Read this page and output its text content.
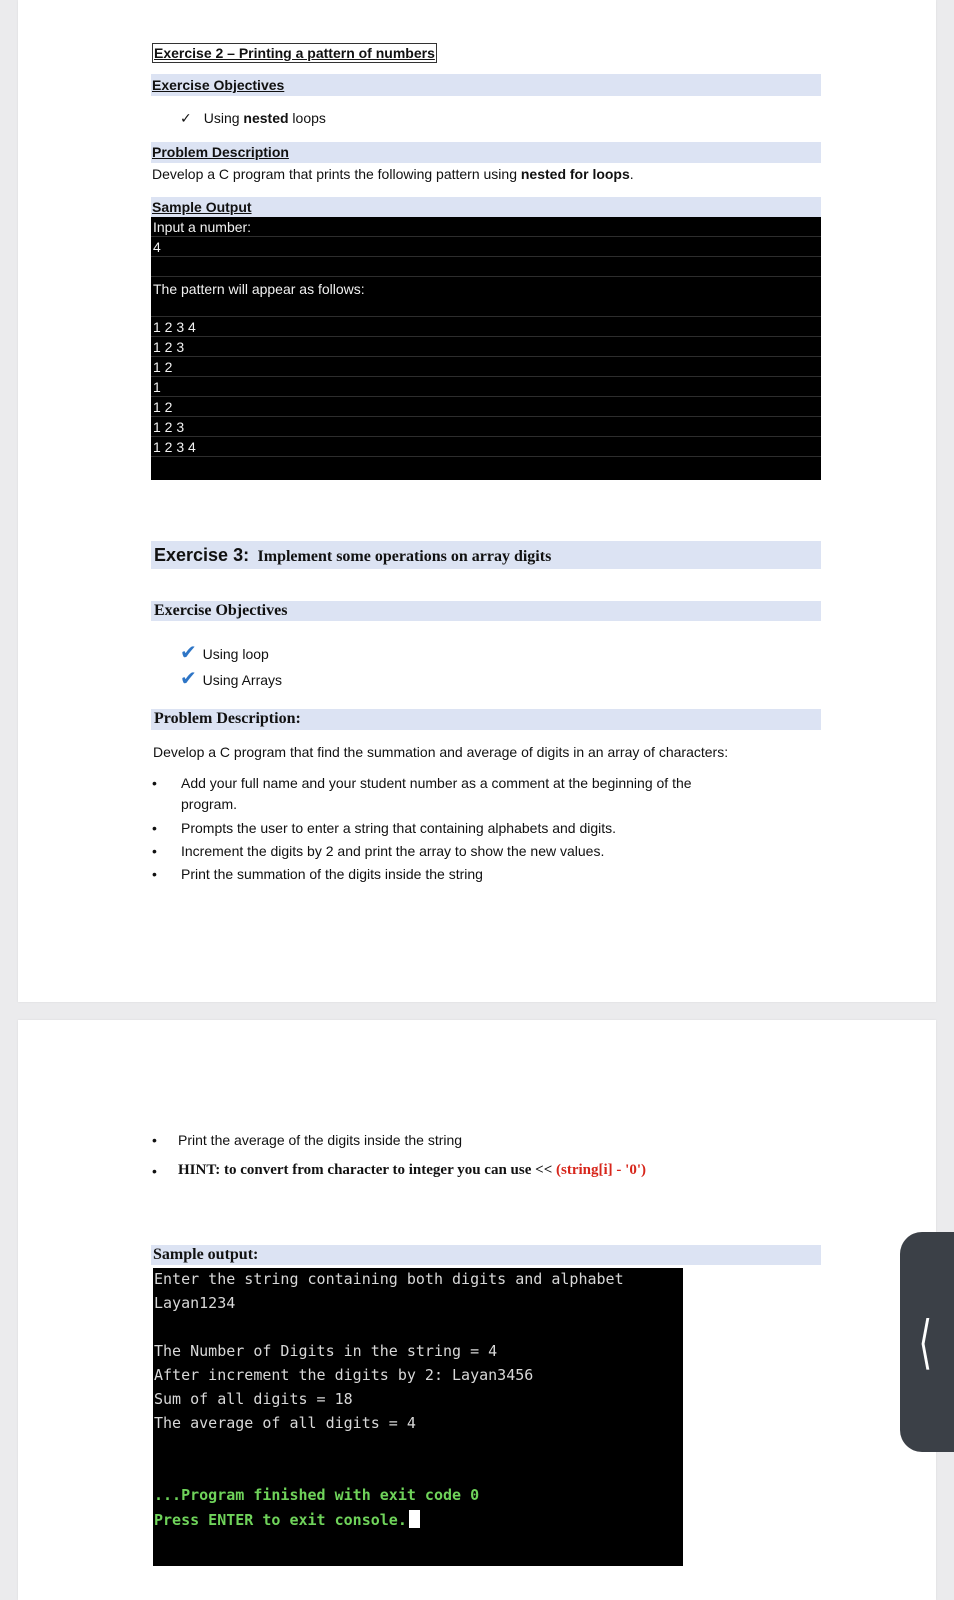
Exercise 2 – Printing a pattern of numbers
Exercise Objectives
✓ Using nested loops
Problem Description
Develop a C program that prints the following pattern using nested for loops.
Sample Output
Input a number:
4
The pattern will appear as follows:
1 2 3 4
1 2 3
1 2
1
1 2
1 2 3
1 2 3 4
Exercise 3: Implement some operations on array digits
Exercise Objectives
✔ Using loop
✔ Using Arrays
Problem Description:
Develop a C program that find the summation and average of digits in an array of characters:
• Add your full name and your student number as a comment at the beginning of the
program.
• Prompts the user to enter a string that containing alphabets and digits.
• Increment the digits by 2 and print the array to show the new values.
• Print the summation of the digits inside the string
• Print the average of the digits inside the string
• HINT: to convert from character to integer you can use << (string[i] - '0')
Sample output:
Enter the string containing both digits and alphabet
Layan1234
The Number of Digits in the string = 4
After increment the digits by 2: Layan3456
Sum of all digits = 18
The average of all digits = 4
...Program finished with exit code 0
Press ENTER to exit console.
⟨
